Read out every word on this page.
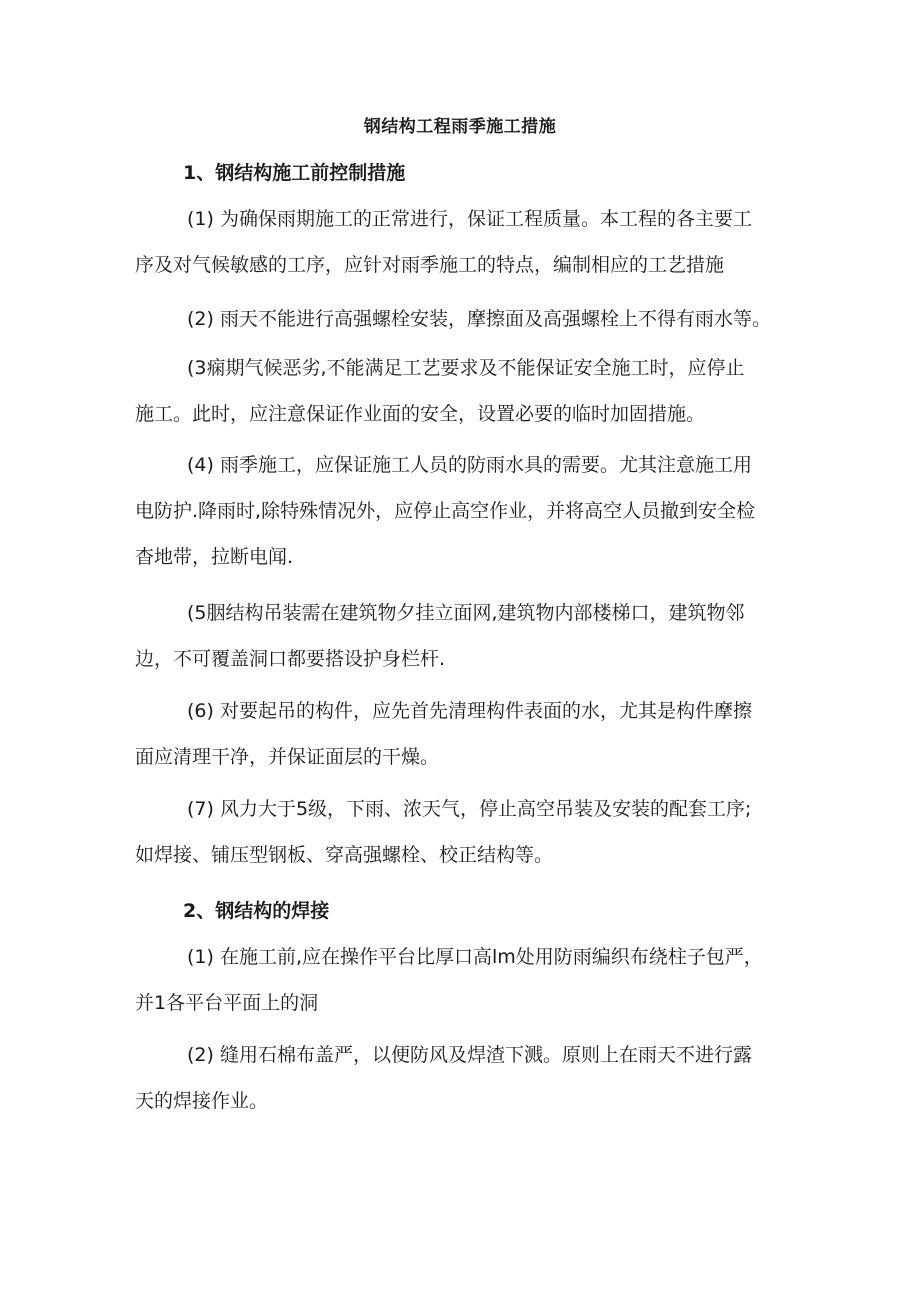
钢结构工程雨季施工措施
1、钢结构施工前控制措施
(1) 为确保雨期施工的正常进行，保证工程质量。本工程的各主要工
序及对气候敏感的工序，应针对雨季施工的特点，编制相应的工艺措施
(2) 雨天不能进行高强螺栓安装，摩擦面及高强螺栓上不得有雨水等。
(3痫期气候恶劣,不能满足工艺要求及不能保证安全施工时，应停止
施工。此时，应注意保证作业面的安全，设置必要的临时加固措施。
(4) 雨季施工，应保证施工人员的防雨水具的需要。尤其注意施工用
电防护.降雨时,除特殊情况外，应停止高空作业，并将高空人员撤到安全检
杳地带，拉断电闻.
(5胭结构吊装需在建筑物夕挂立面网,建筑物内部楼梯口，建筑物邻
边，不可覆盖洞口都要搭设护身栏杆.
(6) 对要起吊的构件，应先首先清理构件表面的水，尤其是构件摩擦
面应清理干净，并保证面层的干燥。
(7) 风力大于5级，下雨、浓天气，停止高空吊装及安装的配套工序;
如焊接、铺压型钢板、穿高强螺栓、校正结构等。
2、钢结构的焊接
(1) 在施工前,应在操作平台比厚口高lm处用防雨编织布绕柱子包严，
并1各平台平面上的洞
(2) 缝用石棉布盖严，以便防风及焊渣下溅。原则上在雨天不进行露
天的焊接作业。
